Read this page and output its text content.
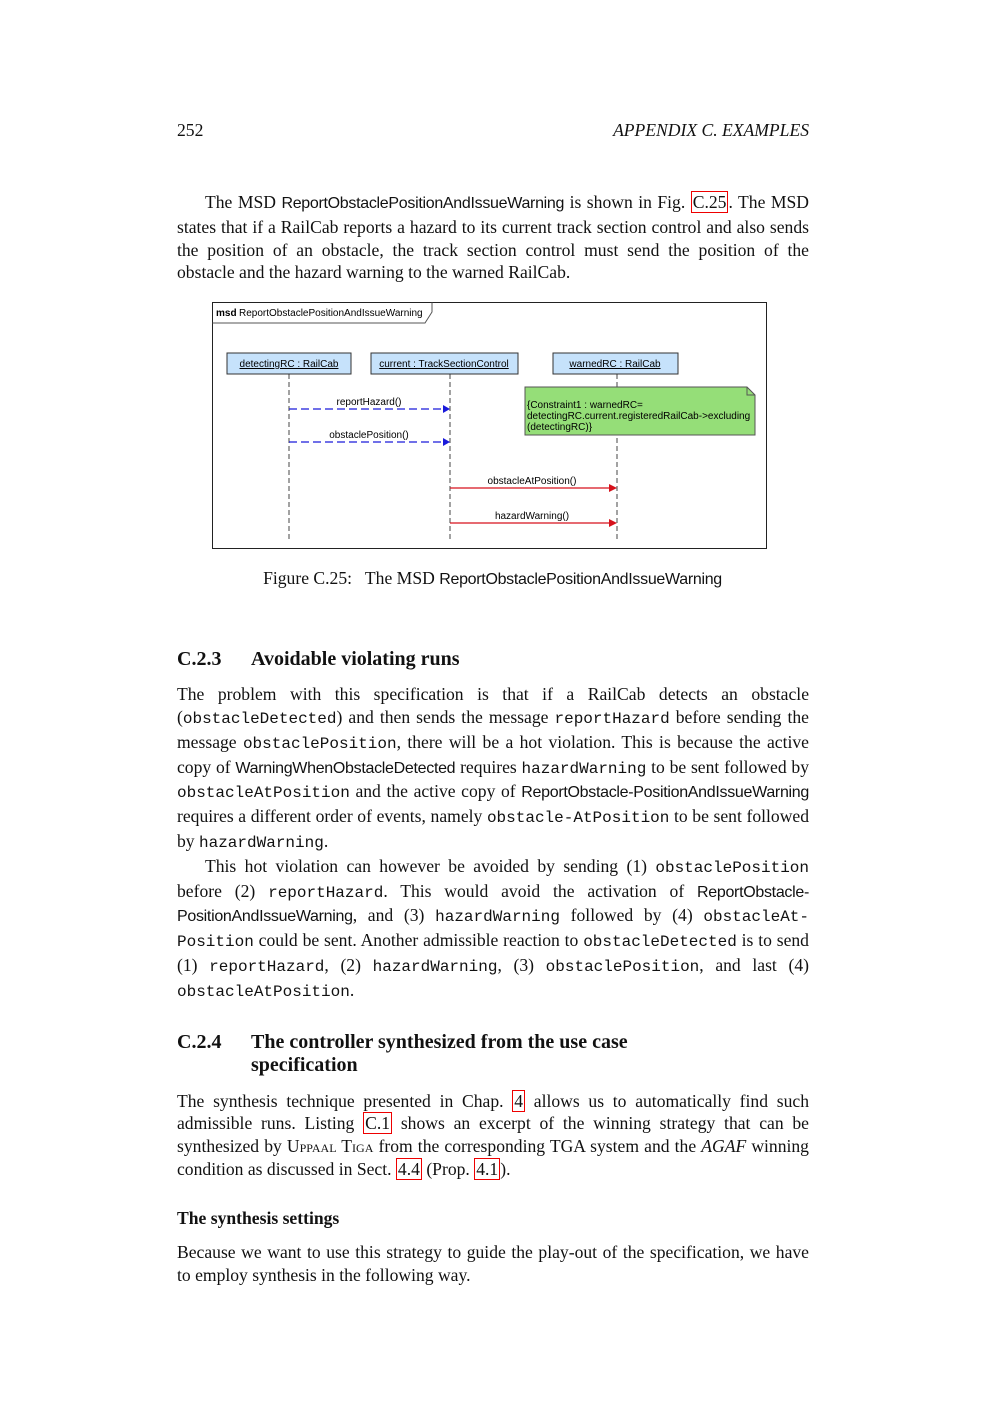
252	APPENDIX C. EXAMPLES
The MSD ReportObstaclePositionAndIssueWarning is shown in Fig. C.25 . The MSD states that if a RailCab reports a hazard to its current track section control and also sends the position of an obstacle, the track section control must send the position of the obstacle and the hazard warning to the warned RailCab.
msd ReportObstaclePositionAndIssueWarning
detectingRC : RailCab	current : TrackSectionControl	warnedRC : RailCab
{Constraint1 : warnedRC=
detectingRC.current.registeredRailCab->excluding
(detectingRC)}
reportHazard()
obstaclePosition()
obstacleAtPosition()
hazardWarning()
Figure C.25: The MSD ReportObstaclePositionAndIssueWarning
C.2.3 Avoidable violating runs
The problem with this specification is that if a RailCab detects an obstacle (obstacleDetected) and then sends the message reportHazard before sending the message obstaclePosition, there will be a hot violation. This is because the active copy of WarningWhenObstacleDetected requires hazardWarning to be sent followed by obstacleAtPosition and the active copy of ReportObstacle-PositionAndIssueWarning requires a different order of events, namely obstacle-AtPosition to be sent followed by hazardWarning.
This hot violation can however be avoided by sending (1) obstaclePosition before (2) reportHazard. This would avoid the activation of ReportObstacle-PositionAndIssueWarning, and (3) hazardWarning followed by (4) obstacleAt-Position could be sent. Another admissible reaction to obstacleDetected is to send (1) reportHazard, (2) hazardWarning, (3) obstaclePosition, and last (4) obstacleAtPosition.
C.2.4 The controller synthesized from the use case
specification
The synthesis technique presented in Chap. 4 allows us to automatically find such admissible runs. Listing C.1 shows an excerpt of the winning strategy that can be synthesized by Uppaal Tiga from the corresponding TGA system and the AGAF winning condition as discussed in Sect. 4.4 (Prop. 4.1 ).
The synthesis settings
Because we want to use this strategy to guide the play-out of the specification, we have to employ synthesis in the following way.
